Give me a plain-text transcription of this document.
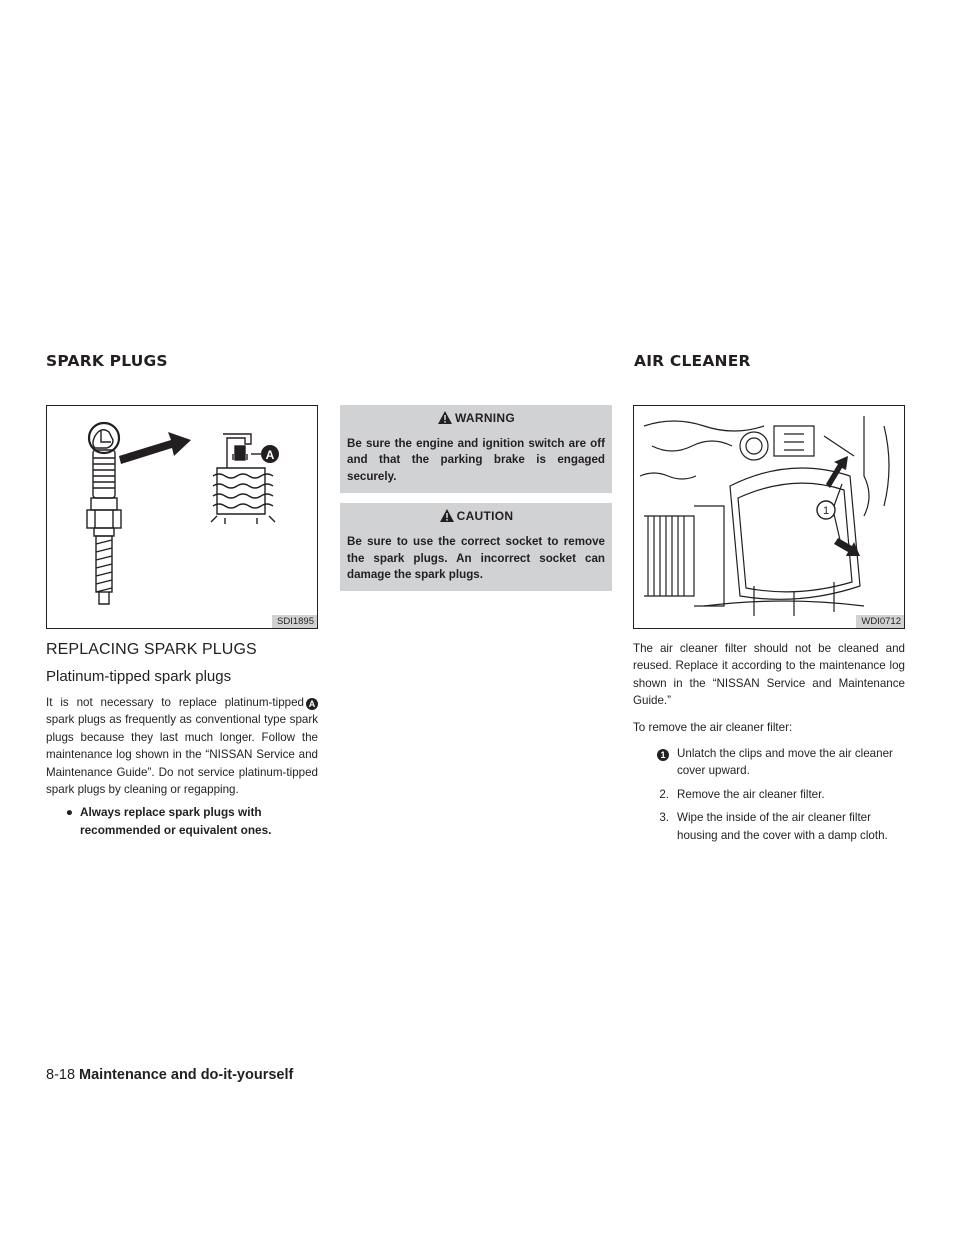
SPARK PLUGS	AIR CLEANER
A
SDI1895
REPLACING SPARK PLUGS
Platinum-tipped spark plugs

It is not necessary to replace platinum-tipped A spark plugs as frequently as conventional type spark plugs because they last much longer. Follow the maintenance log shown in the “NISSAN Service and Maintenance Guide”. Do not service platinum-tipped spark plugs by cleaning or regapping.

● Always replace spark plugs with recommended or equivalent ones.
WARNING
Be sure the engine and ignition switch are off and that the parking brake is engaged securely.
CAUTION
Be sure to use the correct socket to remove the spark plugs. An incorrect socket can damage the spark plugs.
1
WDI0712

The air cleaner filter should not be cleaned and reused. Replace it according to the maintenance log shown in the “NISSAN Service and Maintenance Guide.”

To remove the air cleaner filter:

1 Unlatch the clips and move the air cleaner cover upward.
2. Remove the air cleaner filter.
3. Wipe the inside of the air cleaner filter housing and the cover with a damp cloth.
8-18 Maintenance and do-it-yourself
